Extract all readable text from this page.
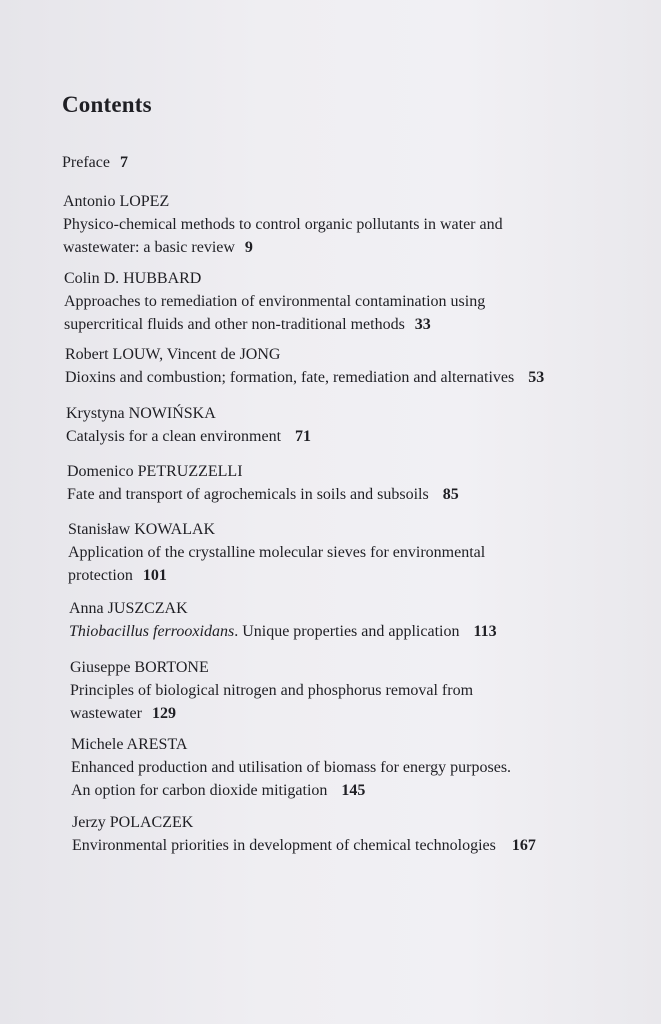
Contents
Preface 7
Antonio LOPEZ
Physico-chemical methods to control organic pollutants in water and
wastewater: a basic review 9
Colin D. HUBBARD
Approaches to remediation of environmental contamination using
supercritical fluids and other non-traditional methods 33
Robert LOUW, Vincent de JONG
Dioxins and combustion; formation, fate, remediation and alternatives 53
Krystyna NOWIŃSKA
Catalysis for a clean environment 71
Domenico PETRUZZELLI
Fate and transport of agrochemicals in soils and subsoils 85
Stanisław KOWALAK
Application of the crystalline molecular sieves for environmental
protection 101
Anna JUSZCZAK
Thiobacillus ferrooxidans. Unique properties and application 113
Giuseppe BORTONE
Principles of biological nitrogen and phosphorus removal from
wastewater 129
Michele ARESTA
Enhanced production and utilisation of biomass for energy purposes.
An option for carbon dioxide mitigation 145
Jerzy POLACZEK
Environmental priorities in development of chemical technologies 167
